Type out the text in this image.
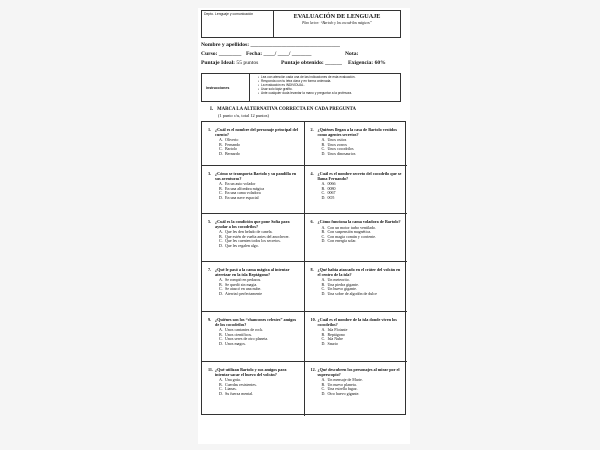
Depto. Lenguaje y comunicación	EVALUACIÓN DE LENGUAJE
Plan lector: “Bartolo y los cocodrilos mágicos”
Nombre y apellidos: ________________________________
Curso: ________ Fecha: ____/ ____/ _______	Nota:
Puntaje Ideal: 55 puntos	Puntaje obtenido: ______ Exigencia: 60%
Instrucciones
▪ Lea con atención cada una de las indicaciones de esta evaluación.
▪ Responda con tu letra clara y en forma ordenada.
▪ La evaluación es INDIVIDUAL.
▪ Usar solo lápiz grafito.
▪ Ante cualquier duda levantar la mano y preguntar a la profesora.
I. MARCA LA ALTERNATIVA CORRECTA EN CADA PREGUNTA
(1 punto c/u, total 12 puntos)
1. ¿Cuál es el nombre del personaje principal del cuento?
A. Oliverio
B. Fernando
C. Bartolo
D. Bernardo
2. ¿Quiénes llegan a la casa de Bartolo vestidos como agentes secretos?
A. Unos ositos
B. Unos zorros
C. Unos cocodrilos
D. Unos dinosaurios
3. ¿Cómo se transporta Bartolo y su pandilla en sus aventuras?
A. En un auto volador
B. En una alfombra mágica
C. En una cama voladora
D. En una nave espacial
4. ¿Cuál es el nombre secreto del cocodrilo que se llama Fernando?
A. 0066
B. 0080
C. 0067
D. 0O5
5. ¿Cuál es la condición que pone Sofía para ayudar a los cocodrilos?
A. Que les den helado de canela.
B. Que estén de vuelta antes del anochecer.
C. Que les cuenten todos los secretos.
D. Que les regalen algo.
6. ¿Cómo funciona la cama voladora de Bartolo?
A. Con un motor turbo ventilado.
B. Con suspensión magnética.
C. Con magia común y corriente.
D. Con energía solar.
7. ¿Qué le pasó a la cama mágica al intentar aterrizar en la isla Reptágono?
A. Se rompió en pedazos.
B. Se quedó sin magia.
C. Se atascó en una nube.
D. Aterrizó perfectamente
8. ¿Qué había atascado en el cráter del volcán en el centro de la isla?
A. Un meteorito.
B. Una piedra gigante.
C. Un huevo gigante.
D. Una sobre de algodón de dulce
9. ¿Quiénes son los “chancones celestes” amigos de los cocodrilos?
A. Unos cantantes de rock.
B. Unos científicos.
C. Unos seres de otro planeta.
D. Unos magos.
10. ¿Cuál es el nombre de la isla donde viven los cocodrilos?
A. Isla Flotante
B. Reptágono
C. Isla Nube
D. Saurio
11. ¿Qué utilizan Bartolo y sus amigos para intentar sacar el huevo del volcán?
A. Una grúa.
B. Cuerdas resistentes.
C. Lianas.
D. Su fuerza mental.
12. ¿Qué descubren los personajes al mirar por el superscopio?
A. Un mensaje de Marte.
B. Un nuevo planeta.
C. Una estrella fugaz.
D. Otro huevo gigante.
